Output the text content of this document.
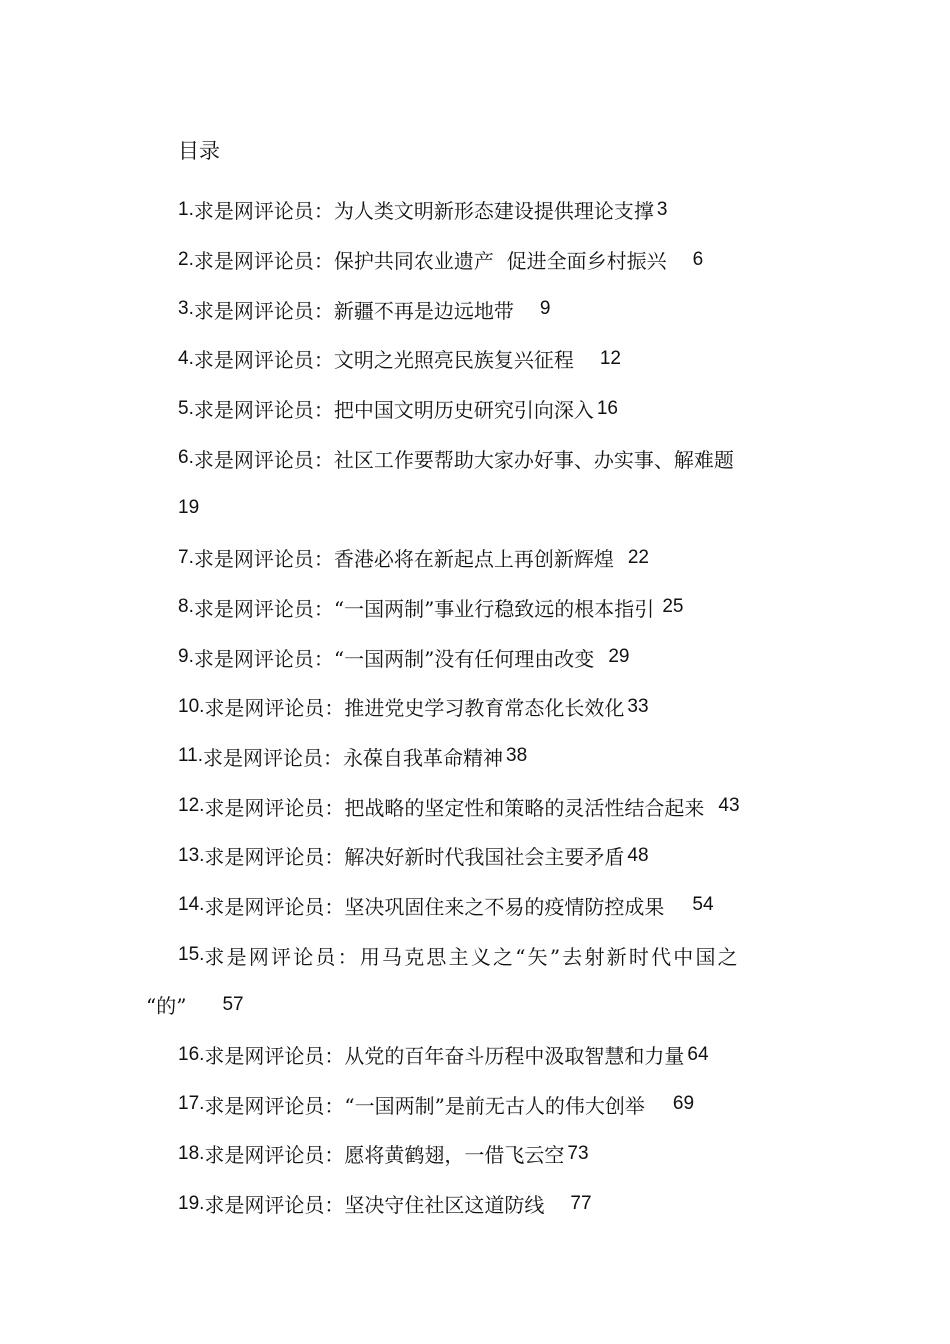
目录
1. 求是网评论员：为人类文明新形态建设提供理论支撑 3
2. 求是网评论员：保护共同农业遗产  促进全面乡村振兴 6
3. 求是网评论员：新疆不再是边远地带 9
4. 求是网评论员：文明之光照亮民族复兴征程 12
5. 求是网评论员：把中国文明历史研究引向深入 16
6. 求是网评论员：社区工作要帮助大家办好事、办实事、解难题
19
7. 求是网评论员：香港必将在新起点上再创新辉煌 22
8. 求是网评论员：“一国两制”事业行稳致远的根本指引 25
9. 求是网评论员：“一国两制”没有任何理由改变 29
10. 求是网评论员：推进党史学习教育常态化长效化 33
11. 求是网评论员：永葆自我革命精神 38
12. 求是网评论员：把战略的坚定性和策略的灵活性结合起来 43
13. 求是网评论员：解决好新时代我国社会主要矛盾 48
14. 求是网评论员：坚决巩固住来之不易的疫情防控成果 54
15. 求是网评论员：用马克思主义之“矢”去射新时代中国之
“的” 57
16. 求是网评论员：从党的百年奋斗历程中汲取智慧和力量 64
17. 求是网评论员：“一国两制”是前无古人的伟大创举 69
18. 求是网评论员：愿将黄鹤翅，一借飞云空 73
19. 求是网评论员：坚决守住社区这道防线 77
